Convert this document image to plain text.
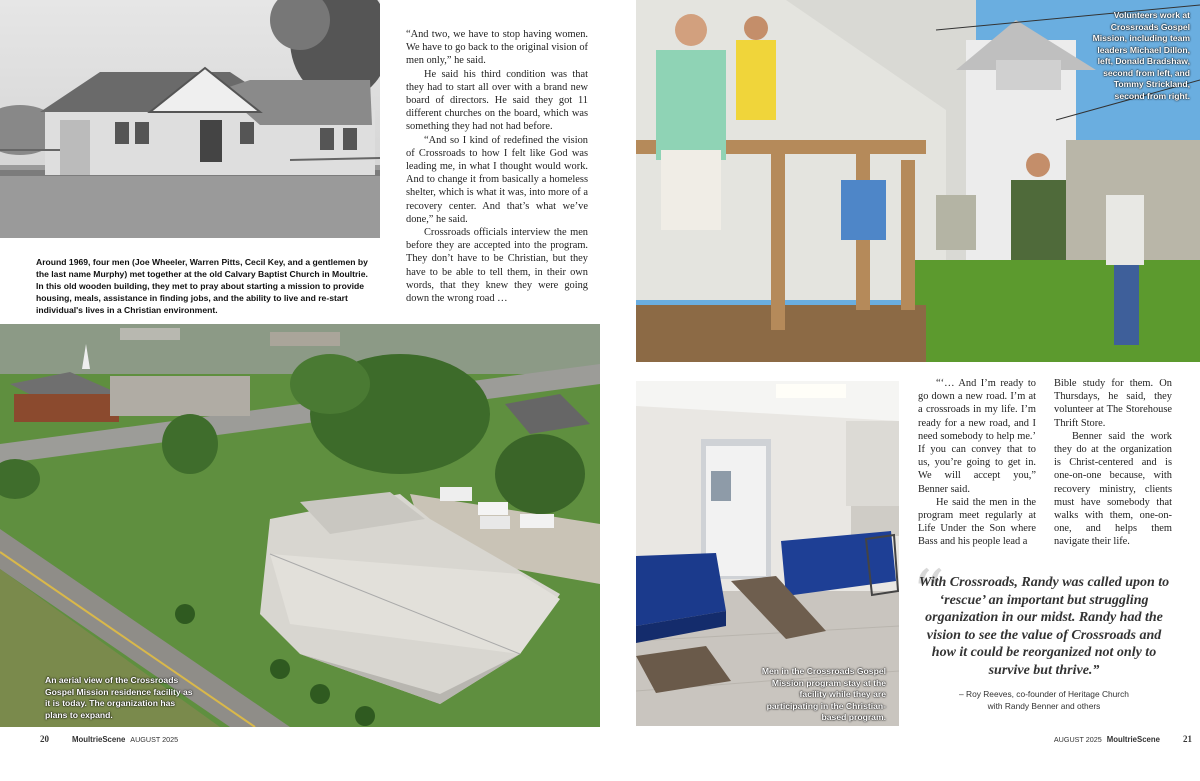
Around 1969, four men (Joe Wheeler, Warren Pitts, Cecil Key, and a gentlemen by the last name Murphy) met together at the old Calvary Baptist Church in Moultrie. In this old wooden building, they met to pray about starting a mission to provide housing, meals, assistance in finding jobs, and the ability to live and re-start individual's lives in a Christian environment.

“And two, we have to stop having women. We have to go back to the original vision of men only,” he said.

He said his third condition was that they had to start all over with a brand new board of directors. He said they got 11 different churches on the board, which was something they had not had before.

“And so I kind of redefined the vision of Crossroads to how I felt like God was leading me, in what I thought would work. And to change it from basically a homeless shelter, which is what it was, into more of a recovery center. And that’s what we’ve done,” he said.

Crossroads officials interview the men before they are accepted into the program. They don’t have to be Christian, but they have to be able to tell them, in their own words, that they knew they were going down the wrong road …

An aerial view of the Crossroads Gospel Mission residence facility as it is today. The organization has plans to expand.

20	MoultrieScene AUGUST 2025

Volunteers work at Crossroads Gospel Mission, including team leaders Michael Dillon, left, Donald Bradshaw, second from left, and Tommy Strickland, second from right.

Men in the Crossroads Gospel Mission program stay at the facility while they are participating in the Christian-based program.

“‘… And I’m ready to go down a new road. I’m at a crossroads in my life. I’m ready for a new road, and I need somebody to help me.’ If you can convey that to us, you’re going to get in. We will accept you,” Benner said.

He said the men in the program meet regularly at Life Under the Son where Bass and his people lead a

Bible study for them. On Thursdays, he said, they volunteer at The Storehouse Thrift Store.

Benner said the work they do at the organization is Christ-centered and is one-on-one because, with recovery ministry, clients must have somebody that walks with them, one-on-one, and helps them navigate their life.

“

With Crossroads, Randy was called upon to ‘rescue’ an important but struggling organization in our midst. Randy had the vision to see the value of Crossroads and how it could be reorganized not only to survive but thrive.”

– Roy Reeves, co-founder of Heritage Church
with Randy Benner and others

AUGUST 2025 MoultrieScene	21
